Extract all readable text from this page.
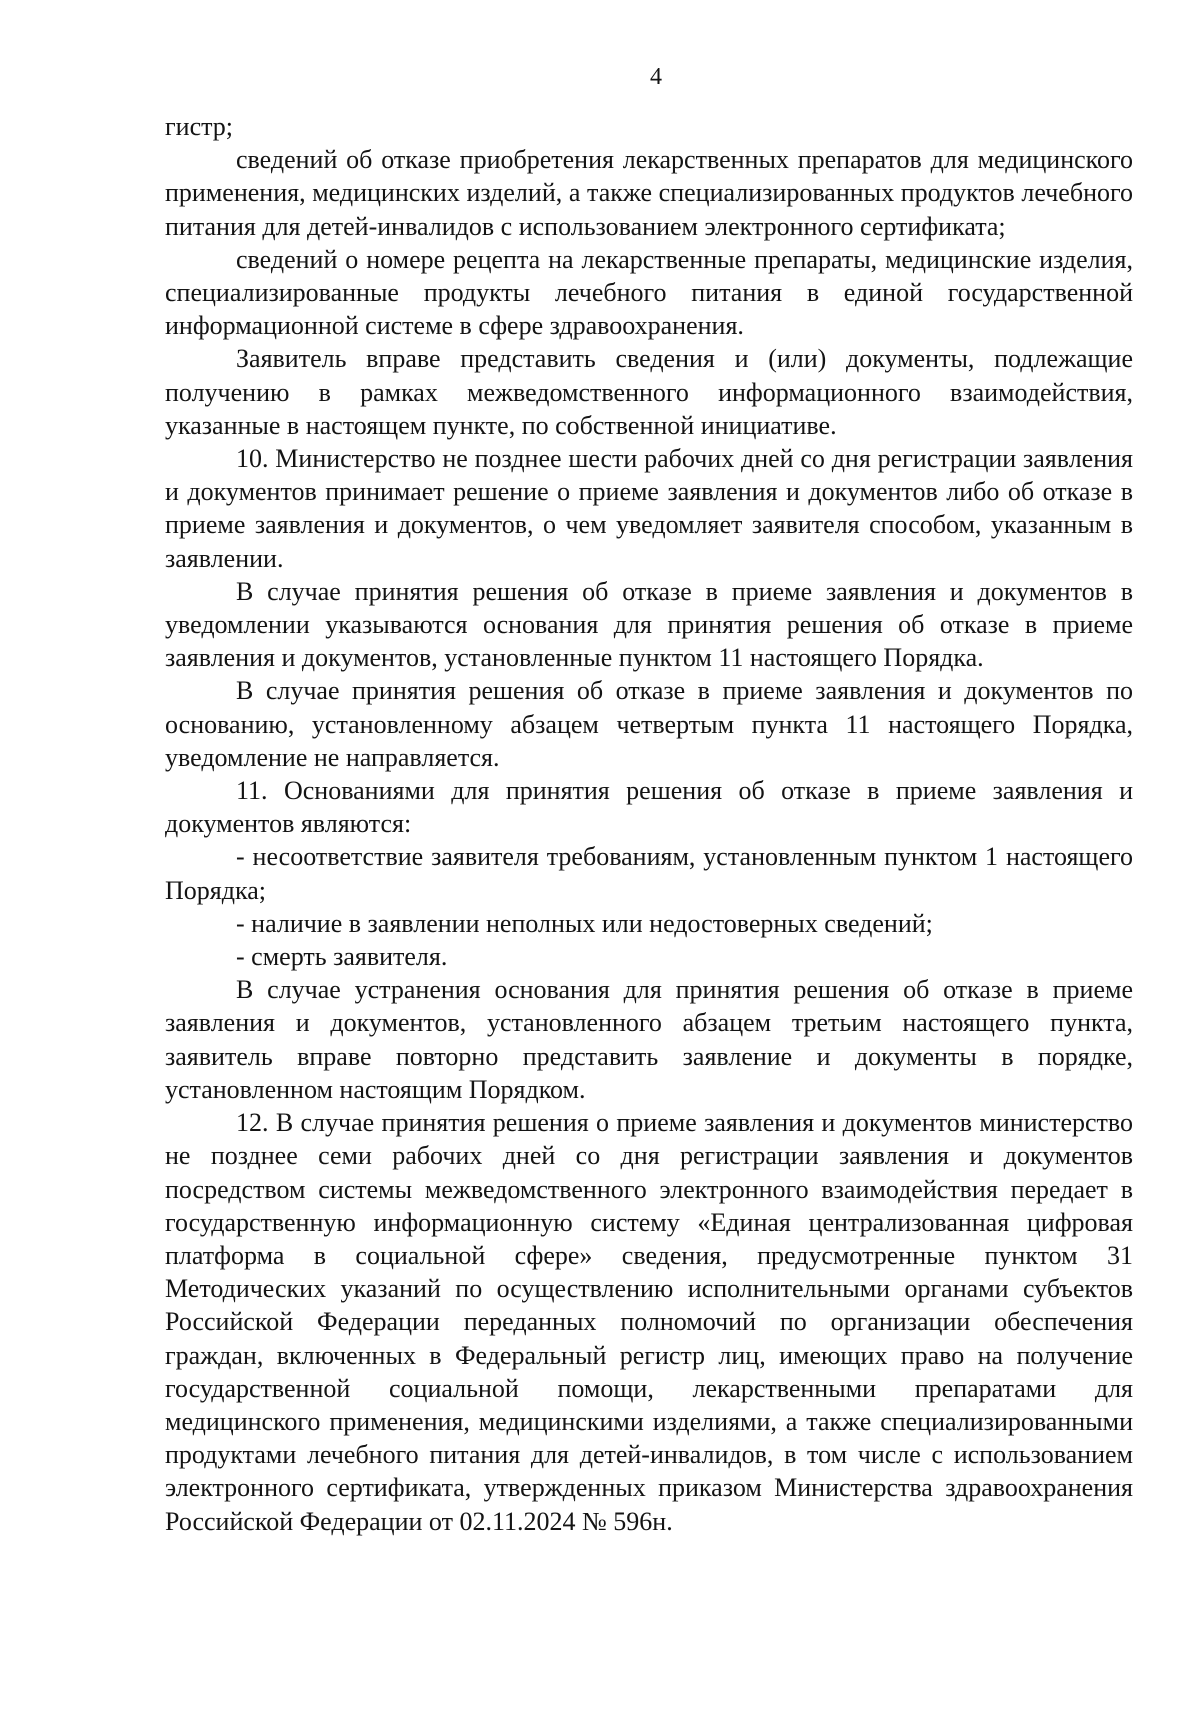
4

гистр;

сведений об отказе приобретения лекарственных препаратов для медицинского применения, медицинских изделий, а также специализированных продуктов лечебного питания для детей-инвалидов с использованием электронного сертификата;

сведений о номере рецепта на лекарственные препараты, медицинские изделия, специализированные продукты лечебного питания в единой государственной информационной системе в сфере здравоохранения.

Заявитель вправе представить сведения и (или) документы, подлежащие получению в рамках межведомственного информационного взаимодействия, указанные в настоящем пункте, по собственной инициативе.

10. Министерство не позднее шести рабочих дней со дня регистрации заявления и документов принимает решение о приеме заявления и документов либо об отказе в приеме заявления и документов, о чем уведомляет заявителя способом, указанным в заявлении.

В случае принятия решения об отказе в приеме заявления и документов в уведомлении указываются основания для принятия решения об отказе в приеме заявления и документов, установленные пунктом 11 настоящего Порядка.

В случае принятия решения об отказе в приеме заявления и документов по основанию, установленному абзацем четвертым пункта 11 настоящего Порядка, уведомление не направляется.

11. Основаниями для принятия решения об отказе в приеме заявления и документов являются:

- несоответствие заявителя требованиям, установленным пунктом 1 настоящего Порядка;

- наличие в заявлении неполных или недостоверных сведений;

- смерть заявителя.

В случае устранения основания для принятия решения об отказе в приеме заявления и документов, установленного абзацем третьим настоящего пункта, заявитель вправе повторно представить заявление и документы в порядке, установленном настоящим Порядком.

12. В случае принятия решения о приеме заявления и документов министерство не позднее семи рабочих дней со дня регистрации заявления и документов посредством системы межведомственного электронного взаимодействия передает в государственную информационную систему «Единая централизованная цифровая платформа в социальной сфере» сведения, предусмотренные пунктом 31 Методических указаний по осуществлению исполнительными органами субъектов Российской Федерации переданных полномочий по организации обеспечения граждан, включенных в Федеральный регистр лиц, имеющих право на получение государственной социальной помощи, лекарственными препаратами для медицинского применения, медицинскими изделиями, а также специализированными продуктами лечебного питания для детей-инвалидов, в том числе с использованием электронного сертификата, утвержденных приказом Министерства здравоохранения Российской Федерации от 02.11.2024 № 596н.
